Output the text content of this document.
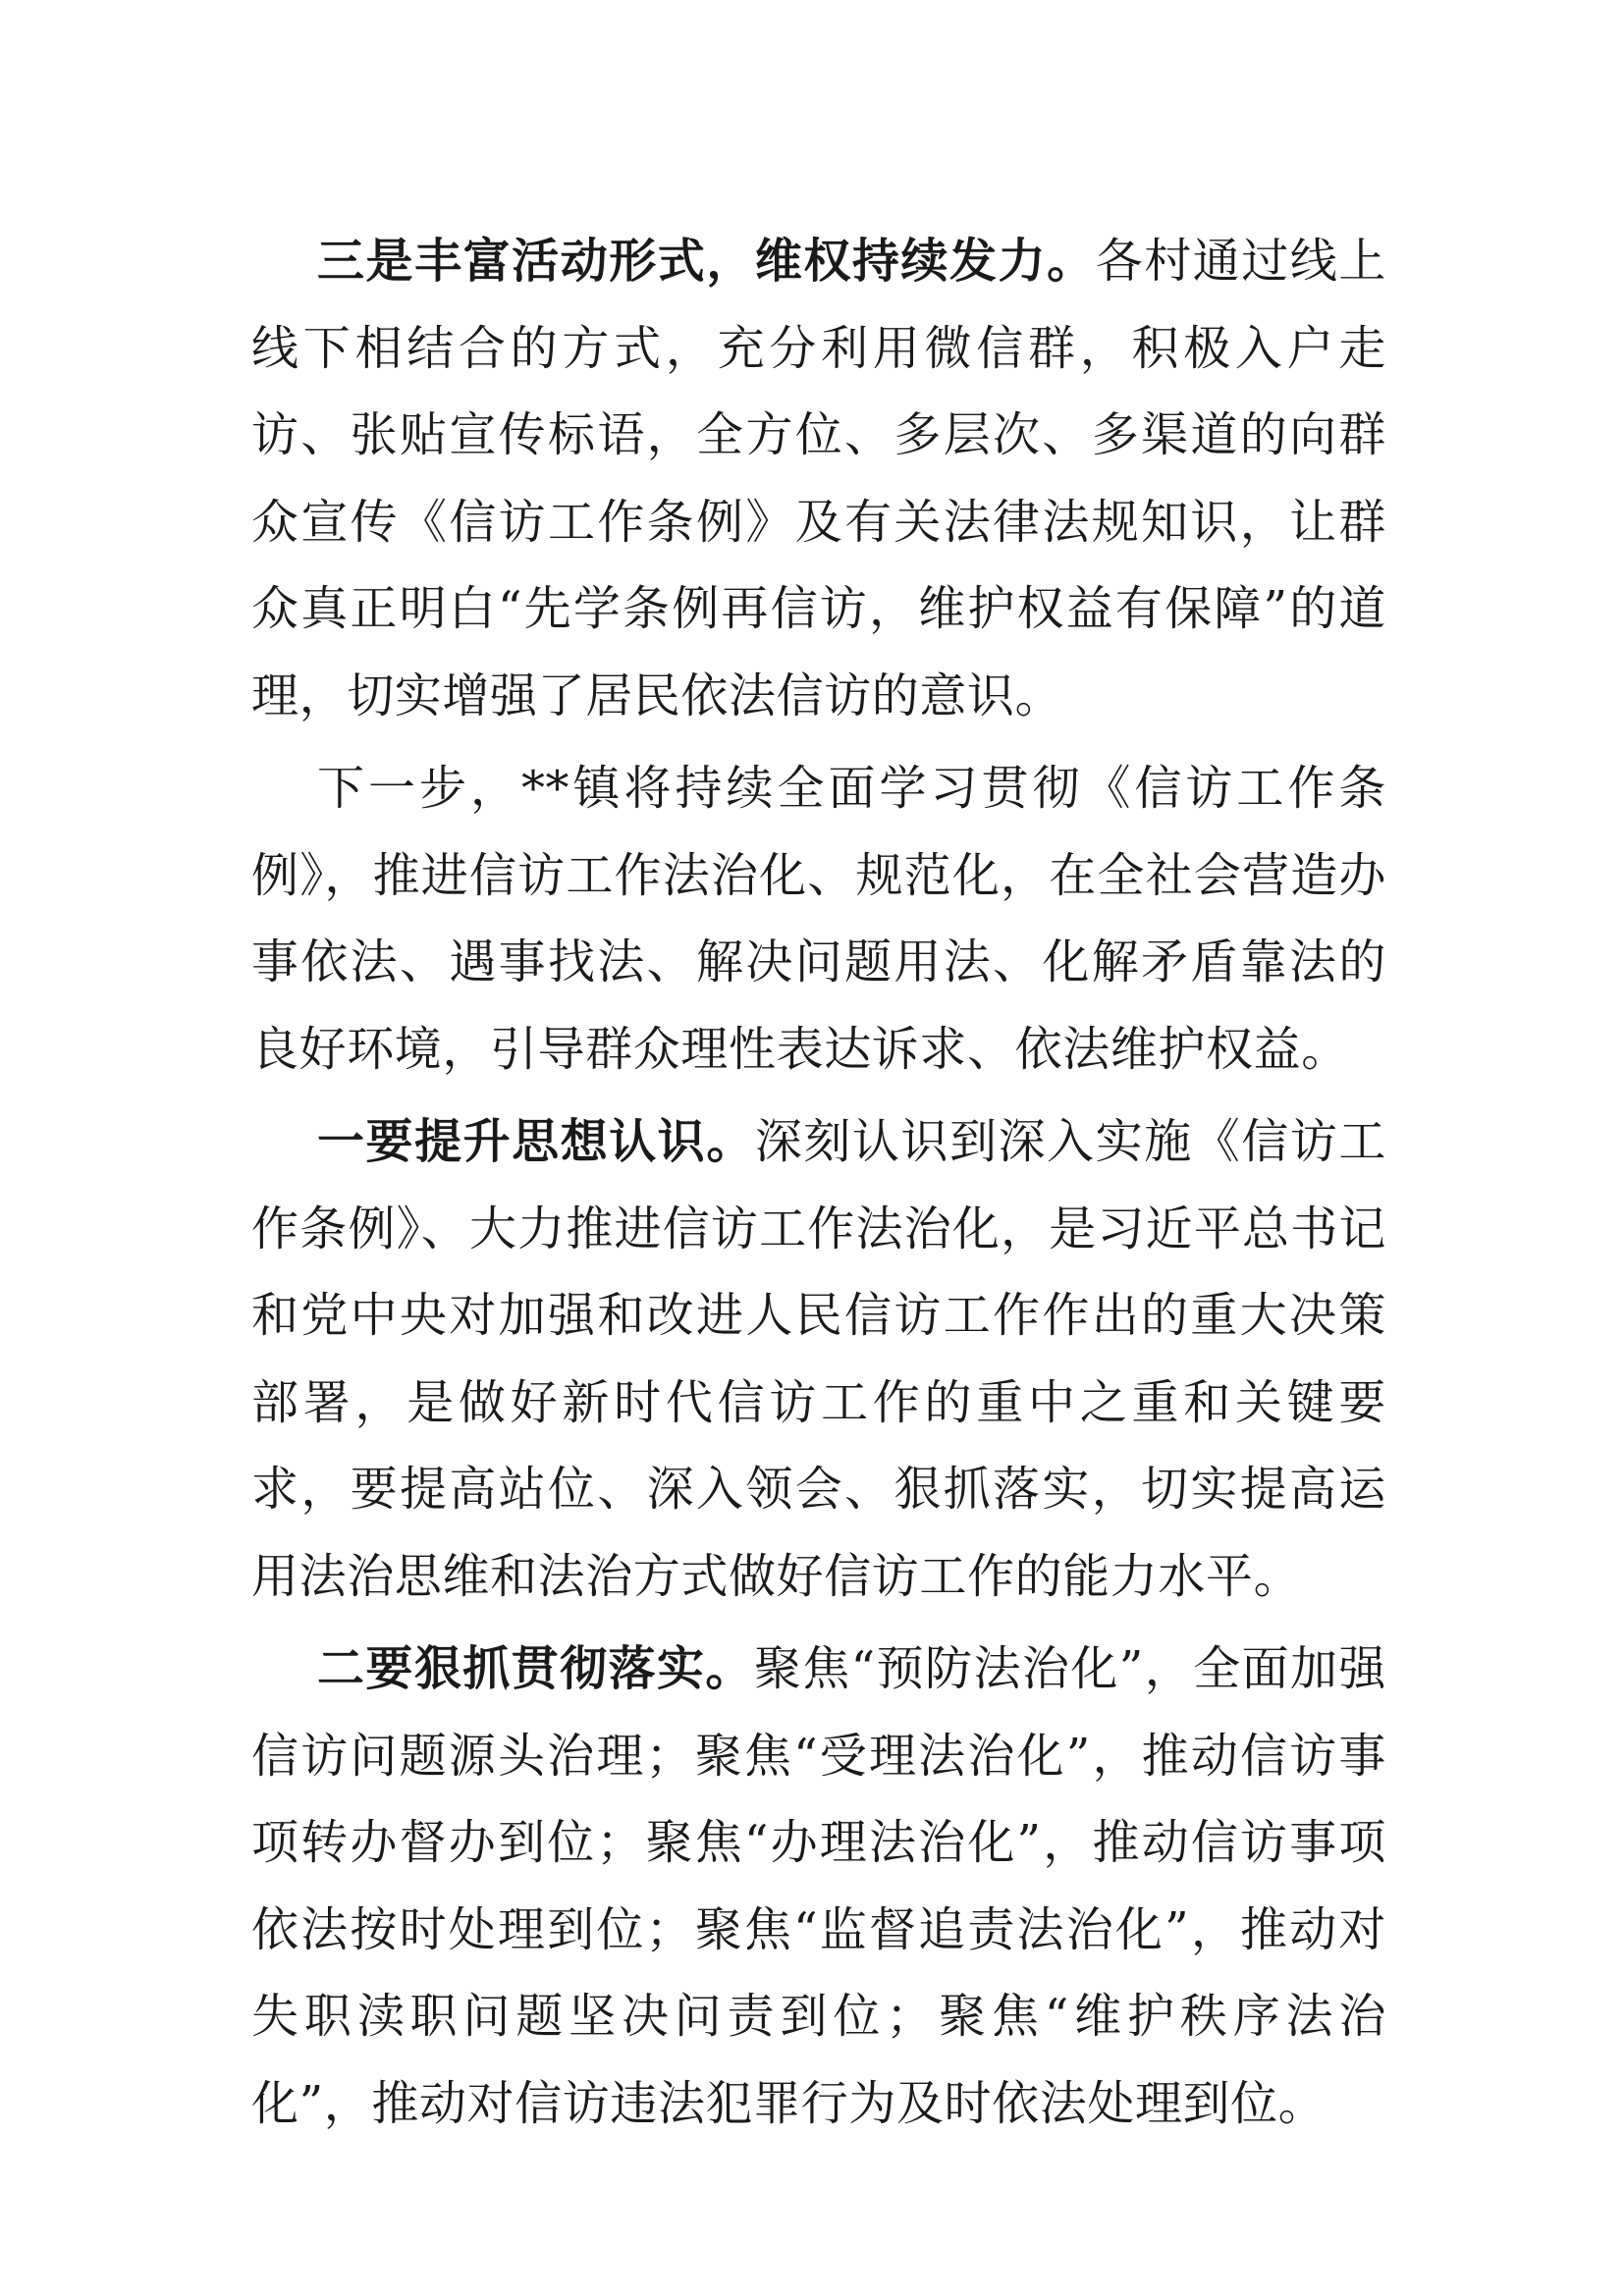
三是丰富活动形式，维权持续发力。各村通过线上线下相结合的方式，充分利用微信群，积极入户走访、张贴宣传标语，全方位、多层次、多渠道的向群众宣传《信访工作条例》及有关法律法规知识，让群众真正明白“先学条例再信访，维护权益有保障”的道理，切实增强了居民依法信访的意识。

下一步，**镇将持续全面学习贯彻《信访工作条例》，推进信访工作法治化、规范化，在全社会营造办事依法、遇事找法、解决问题用法、化解矛盾靠法的良好环境，引导群众理性表达诉求、依法维护权益。

一要提升思想认识。深刻认识到深入实施《信访工作条例》、大力推进信访工作法治化，是习近平总书记和党中央对加强和改进人民信访工作作出的重大决策部署，是做好新时代信访工作的重中之重和关键要求，要提高站位、深入领会、狠抓落实，切实提高运用法治思维和法治方式做好信访工作的能力水平。

二要狠抓贯彻落实。聚焦“预防法治化”，全面加强信访问题源头治理；聚焦“受理法治化”，推动信访事项转办督办到位；聚焦“办理法治化”，推动信访事项依法按时处理到位；聚焦“监督追责法治化”，推动对失职渎职问题坚决问责到位；聚焦“维护秩序法治化”，推动对信访违法犯罪行为及时依法处理到位。
